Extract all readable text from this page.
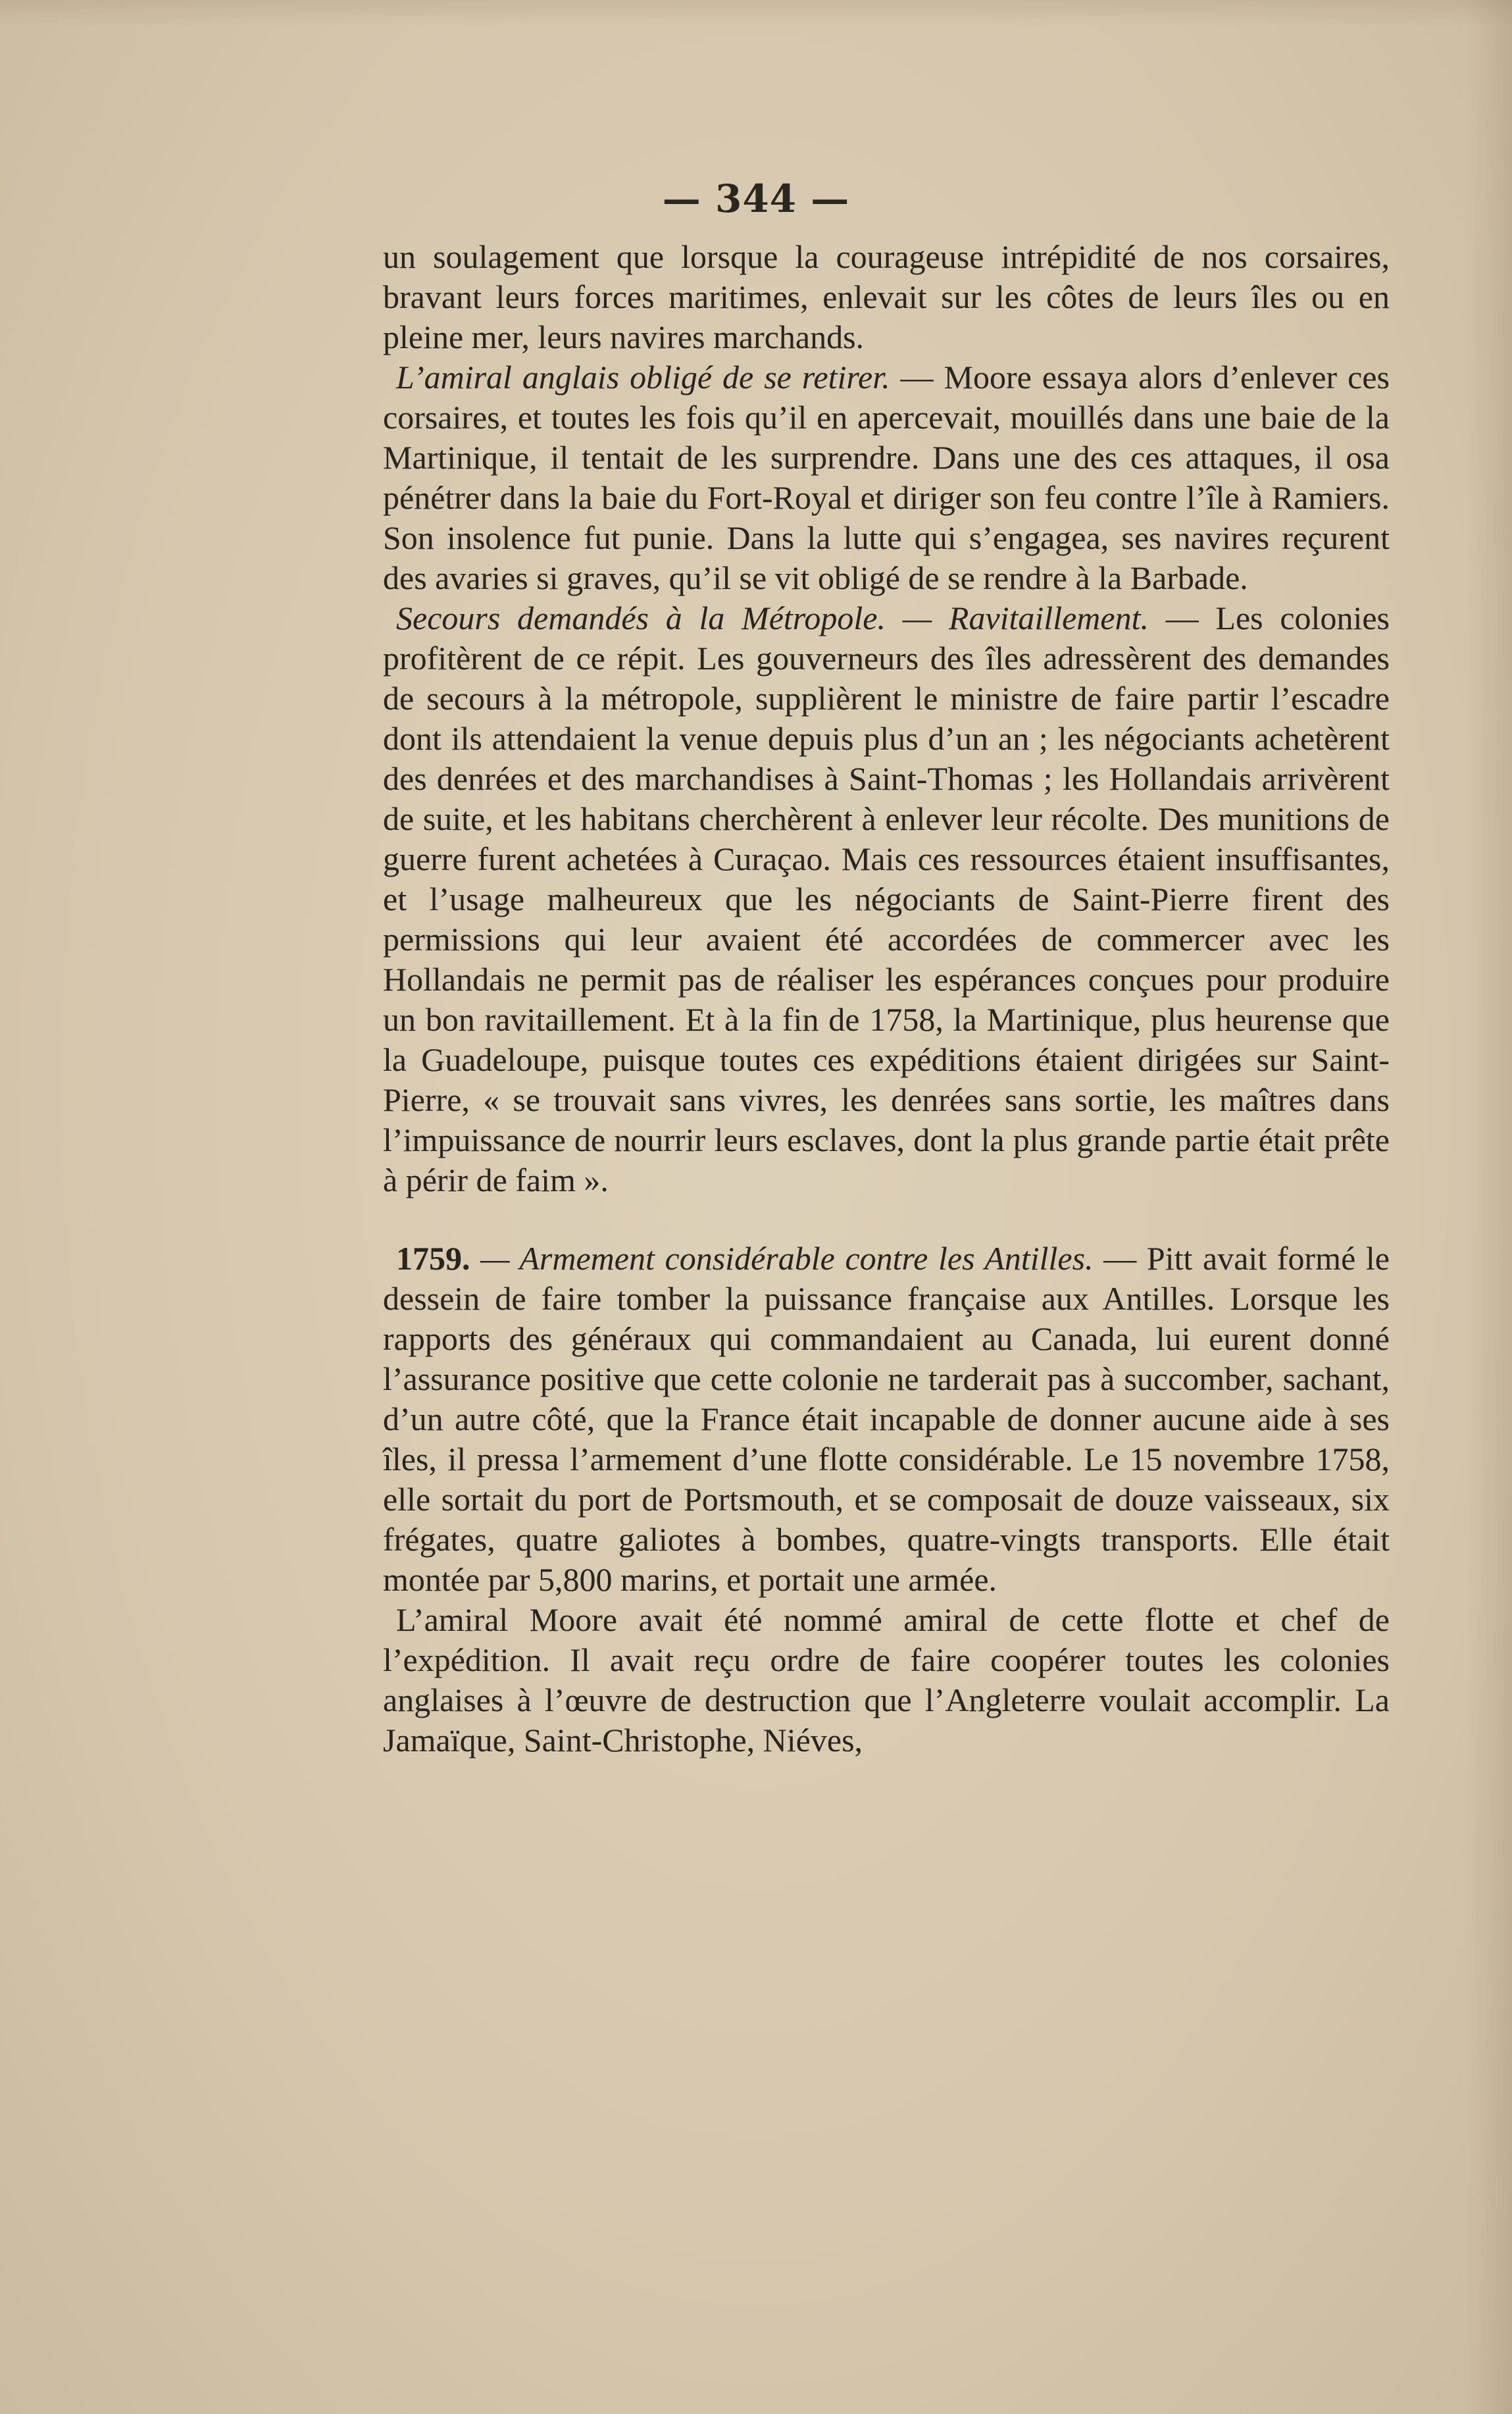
— 344 —

un soulagement que lorsque la courageuse intrépidité de nos corsaires, bravant leurs forces maritimes, enlevait sur les côtes de leurs îles ou en pleine mer, leurs navires marchands.

L’amiral anglais obligé de se retirer. — Moore essaya alors d’enlever ces corsaires, et toutes les fois qu’il en apercevait, mouillés dans une baie de la Martinique, il tentait de les surprendre. Dans une des ces attaques, il osa pénétrer dans la baie du Fort-Royal et diriger son feu contre l’île à Ramiers. Son insolence fut punie. Dans la lutte qui s’engagea, ses navires reçurent des avaries si graves, qu’il se vit obligé de se rendre à la Barbade.

Secours demandés à la Métropole. — Ravitaillement. — Les colonies profitèrent de ce répit. Les gouverneurs des îles adressèrent des demandes de secours à la métropole, supplièrent le ministre de faire partir l’escadre dont ils attendaient la venue depuis plus d’un an ; les négociants achetèrent des denrées et des marchandises à Saint-Thomas ; les Hollandais arrivèrent de suite, et les habitans cherchèrent à enlever leur récolte. Des munitions de guerre furent achetées à Curaçao. Mais ces ressources étaient insuffisantes, et l’usage malheureux que les négociants de Saint-Pierre firent des permissions qui leur avaient été accordées de commercer avec les Hollandais ne permit pas de réaliser les espérances conçues pour produire un bon ravitaillement. Et à la fin de 1758, la Martinique, plus heurense que la Guadeloupe, puisque toutes ces expéditions étaient dirigées sur Saint-Pierre, « se trouvait sans vivres, les denrées sans sortie, les maîtres dans l’impuissance de nourrir leurs esclaves, dont la plus grande partie était prête à périr de faim ».

1759. — Armement considérable contre les Antilles. — Pitt avait formé le dessein de faire tomber la puissance française aux Antilles. Lorsque les rapports des généraux qui commandaient au Canada, lui eurent donné l’assurance positive que cette colonie ne tarderait pas à succomber, sachant, d’un autre côté, que la France était incapable de donner aucune aide à ses îles, il pressa l’armement d’une flotte considérable. Le 15 novembre 1758, elle sortait du port de Portsmouth, et se composait de douze vaisseaux, six frégates, quatre galiotes à bombes, quatre-vingts transports. Elle était montée par 5,800 marins, et portait une armée.

L’amiral Moore avait été nommé amiral de cette flotte et chef de l’expédition. Il avait reçu ordre de faire coopérer toutes les colonies anglaises à l’œuvre de destruction que l’Angleterre voulait accomplir. La Jamaïque, Saint-Christophe, Niéves,
